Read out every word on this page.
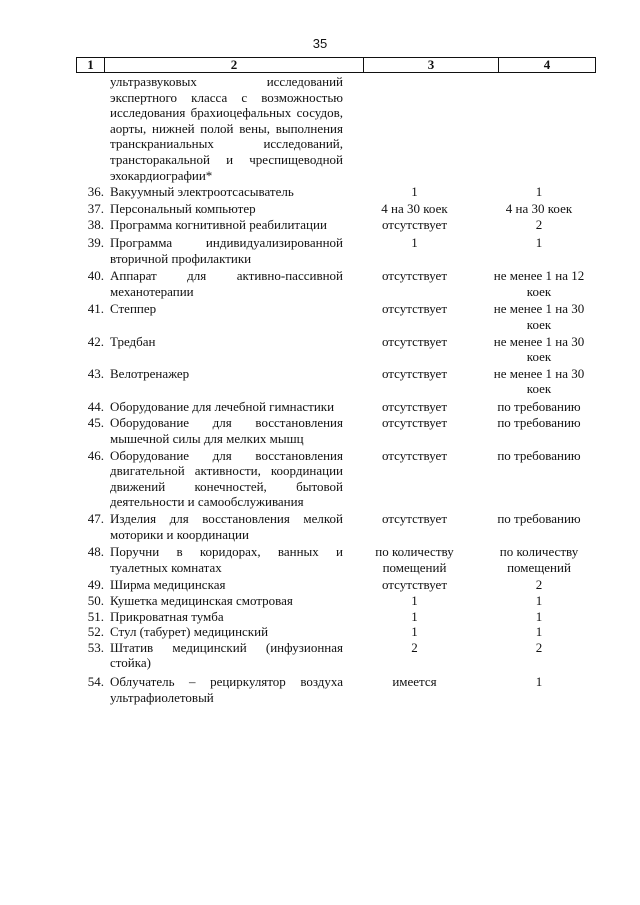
35
1	2	3	4
	ультразвуковых исследований экспертного класса с возможностью исследования брахиоцефальных сосудов, аорты, нижней полой вены, выполнения транскраниальных исследований, трансторакальной и чреспищеводной эхокардиографии*		
36.	Вакуумный электроотсасыватель	1	1
37.	Персональный компьютер	4 на 30 коек	4 на 30 коек
38.	Программа когнитивной реабилитации	отсутствует	2
39.	Программа индивидуализированной вторичной профилактики	1	1
40.	Аппарат для активно-пассивной механотерапии	отсутствует	не менее 1 на 12 коек
41.	Степпер	отсутствует	не менее 1 на 30 коек
42.	Тредбан	отсутствует	не менее 1 на 30 коек
43.	Велотренажер	отсутствует	не менее 1 на 30 коек
44.	Оборудование для лечебной гимнастики	отсутствует	по требованию
45.	Оборудование для восстановления мышечной силы для мелких мышц	отсутствует	по требованию
46.	Оборудование для восстановления двигательной активности, координации движений конечностей, бытовой деятельности и самообслуживания	отсутствует	по требованию
47.	Изделия для восстановления мелкой моторики и координации	отсутствует	по требованию
48.	Поручни в коридорах, ванных и туалетных комнатах	по количеству помещений	по количеству помещений
49.	Ширма медицинская	отсутствует	2
50.	Кушетка медицинская смотровая	1	1
51.	Прикроватная тумба	1	1
52.	Стул (табурет) медицинский	1	1
53.	Штатив медицинский (инфузионная стойка)	2	2
54.	Облучатель – рециркулятор воздуха ультрафиолетовый	имеется	1
